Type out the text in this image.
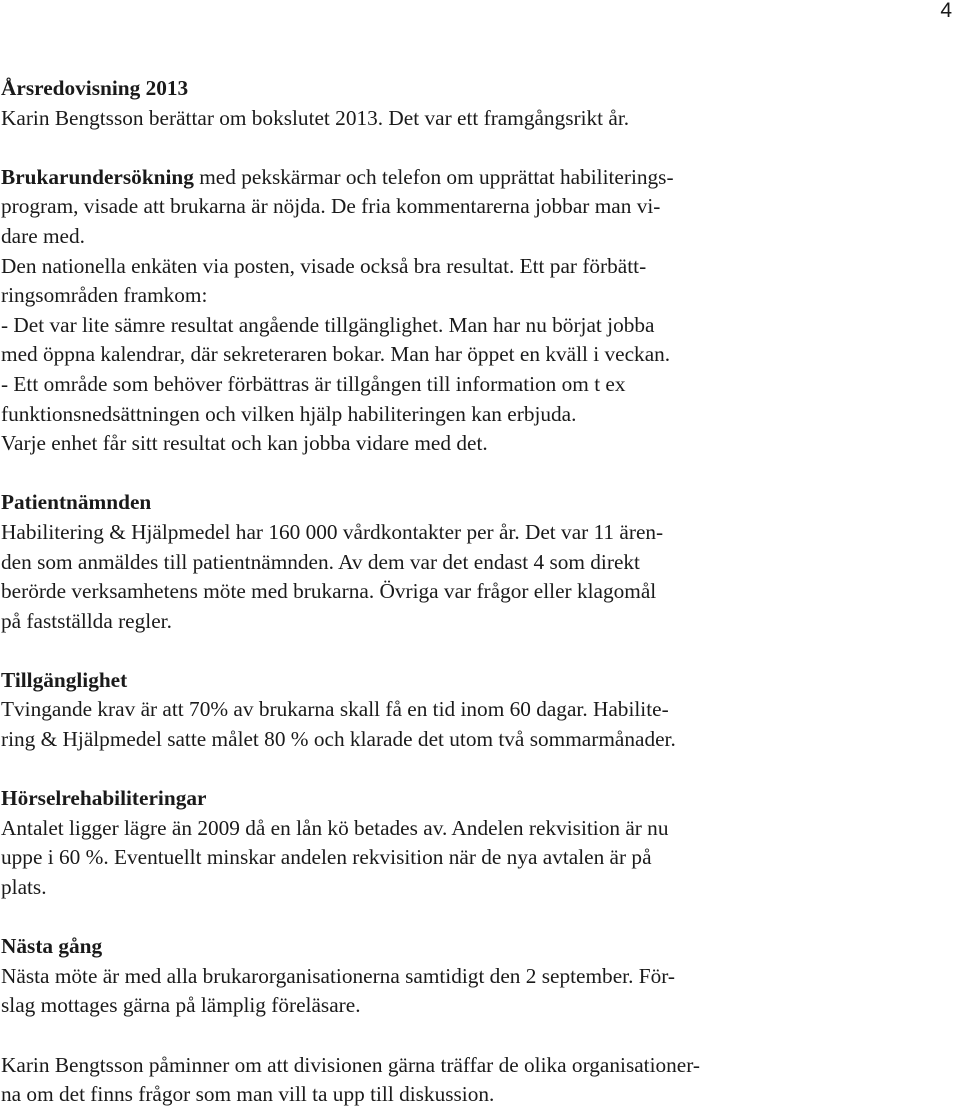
4
Årsredovisning 2013
Karin Bengtsson berättar om bokslutet 2013. Det var ett framgångsrikt år.
Brukarundersökning med pekskärmar och telefon om upprättat habiliterings-
program, visade att brukarna är nöjda. De fria kommentarerna jobbar man vi-
dare med.
Den nationella enkäten via posten, visade också bra resultat. Ett par förbätt-
ringsområden framkom:
- Det var lite sämre resultat angående tillgänglighet. Man har nu börjat jobba
med öppna kalendrar, där sekreteraren bokar. Man har öppet en kväll i veckan.
- Ett område som behöver förbättras är tillgången till information om t ex
funktionsnedsättningen och vilken hjälp habiliteringen kan erbjuda.
Varje enhet får sitt resultat och kan jobba vidare med det.
Patientnämnden
Habilitering & Hjälpmedel har 160 000 vårdkontakter per år. Det var 11 ären-
den som anmäldes till patientnämnden. Av dem var det endast 4 som direkt
berörde verksamhetens möte med brukarna. Övriga var frågor eller klagomål
på fastställda regler.
Tillgänglighet
Tvingande krav är att 70% av brukarna skall få en tid inom 60 dagar. Habilite-
ring & Hjälpmedel satte målet 80 % och klarade det utom två sommarmånader.
Hörselrehabiliteringar
Antalet ligger lägre än 2009 då en lån kö betades av. Andelen rekvisition är nu
uppe i 60 %. Eventuellt minskar andelen rekvisition när de nya avtalen är på
plats.
Nästa gång
Nästa möte är med alla brukarorganisationerna samtidigt den 2 september. För-
slag mottages gärna på lämplig föreläsare.
Karin Bengtsson påminner om att divisionen gärna träffar de olika organisationer-
na om det finns frågor som man vill ta upp till diskussion.
